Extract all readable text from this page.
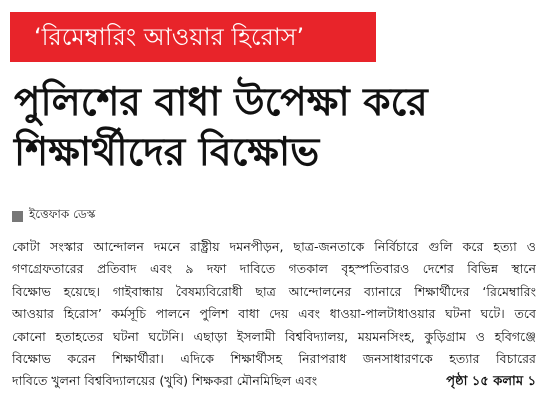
‘রিমেম্বারিং আওয়ার হিরোস’
পুলিশের বাধা উপেক্ষা করে
শিক্ষার্থীদের বিক্ষোভ
ইত্তেফাক ডেস্ক
কোটা সংস্কার আন্দোলন দমনে রাষ্ট্রীয় দমনপীড়ন, ছাত্র-জনতাকে নির্বিচারে গুলি করে হত্যা ও
গণগ্রেফতারের প্রতিবাদ এবং ৯ দফা দাবিতে গতকাল বৃহস্পতিবারও দেশের বিভিন্ন স্থানে
বিক্ষোভ হয়েছে। গাইবান্ধায় বৈষম্যবিরোধী ছাত্র আন্দোলনের ব্যানারে শিক্ষার্থীদের ‘রিমেম্বারিং
আওয়ার হিরোস’ কর্মসূচি পালনে পুলিশ বাধা দেয় এবং ধাওয়া-পালটাধাওয়ার ঘটনা ঘটে। তবে
কোনো হতাহতের ঘটনা ঘটেনি। এছাড়া ইসলামী বিশ্ববিদ্যালয়, ময়মনসিংহ, কুড়িগ্রাম ও হবিগঞ্জে
বিক্ষোভ করেন শিক্ষার্থীরা। এদিকে শিক্ষার্থীসহ নিরাপরাধ জনসাধারণকে হত্যার বিচারের
দাবিতে খুলনা বিশ্ববিদ্যালয়ের (খুবি) শিক্ষকরা মৌনমিছিল এবং	পৃষ্ঠা ১৫ কলাম ১
